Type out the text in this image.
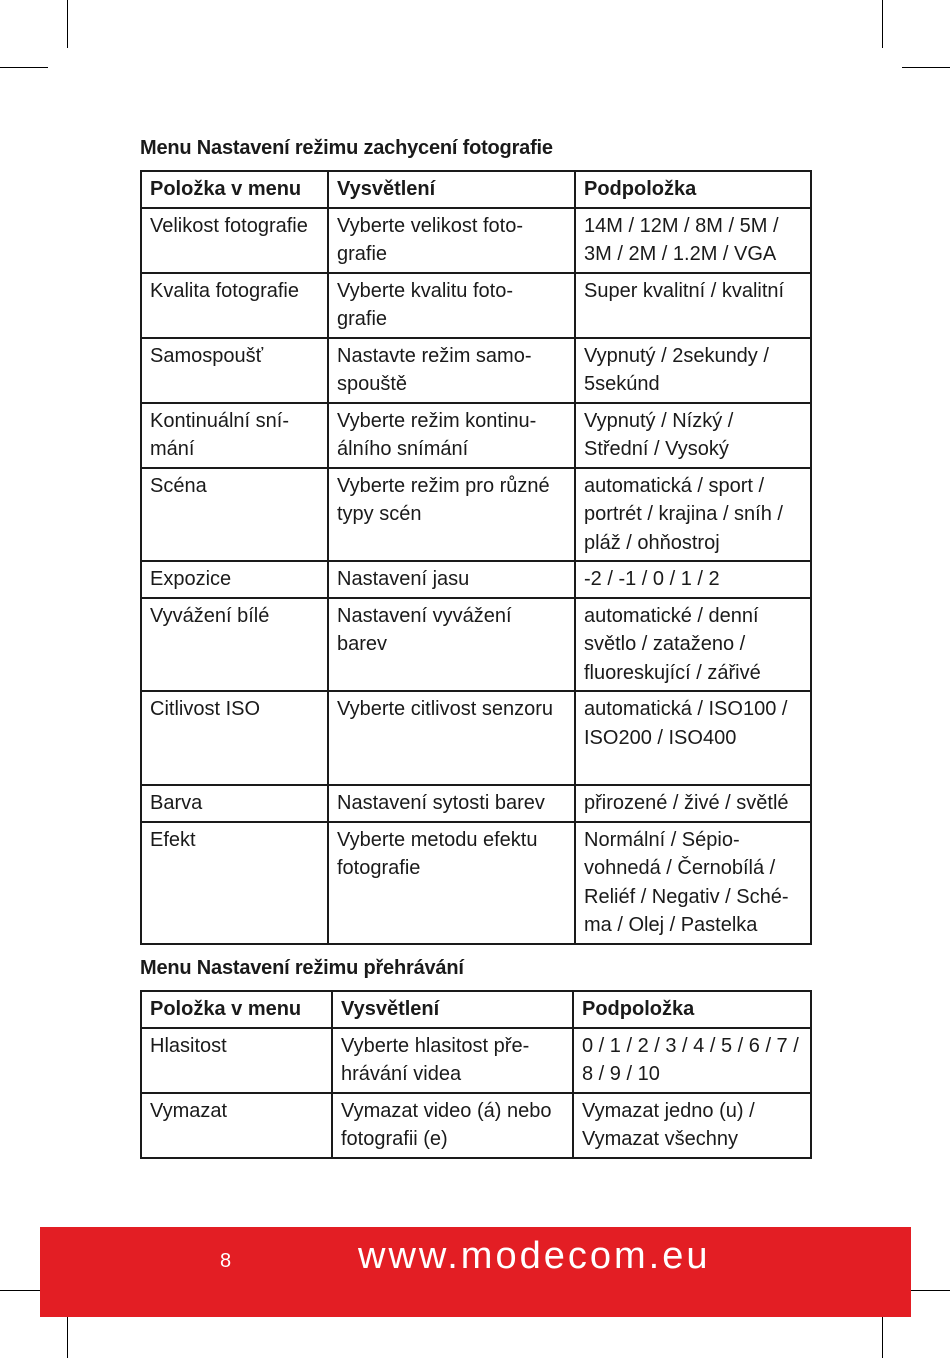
Menu Nastavení režimu zachycení fotografie
Položka v menu	Vysvětlení	Podpoložka
Velikost fotografie	Vyberte velikost foto- grafie	14M / 12M / 8M / 5M / 3M / 2M / 1.2M / VGA
Kvalita fotografie	Vyberte kvalitu foto- grafie	Super kvalitní / kvalitní
Samospoušť	Nastavte režim samo- spouště	Vypnutý / 2sekundy / 5sekúnd
Kontinuální sní- mání	Vyberte režim kontinu- álního snímání	Vypnutý / Nízký / Střední / Vysoký
Scéna	Vyberte režim pro různé typy scén	automatická / sport / portrét / krajina / sníh / pláž / ohňostroj
Expozice	Nastavení jasu	-2 / -1 / 0 / 1 / 2
Vyvážení bílé	Nastavení vyvážení barev	automatické / denní světlo / zataženo / fluoreskující / zářivé
Citlivost ISO	Vyberte citlivost senzoru	automatická / ISO100 / ISO200 / ISO400
Barva	Nastavení sytosti barev	přirozené / živé / světlé
Efekt	Vyberte metodu efektu fotografie	Normální / Sépio- vohnedá / Černobílá / Reliéf / Negativ / Sché- ma / Olej / Pastelka
Menu Nastavení režimu přehrávání
Položka v menu	Vysvětlení	Podpoložka
Hlasitost	Vyberte hlasitost pře- hrávání videa	0 / 1 / 2 / 3 / 4 / 5 / 6 / 7 / 8 / 9 / 10
Vymazat	Vymazat video (á) nebo fotografii (e)	Vymazat jedno (u) / Vymazat všechny
8	www.modecom.eu
